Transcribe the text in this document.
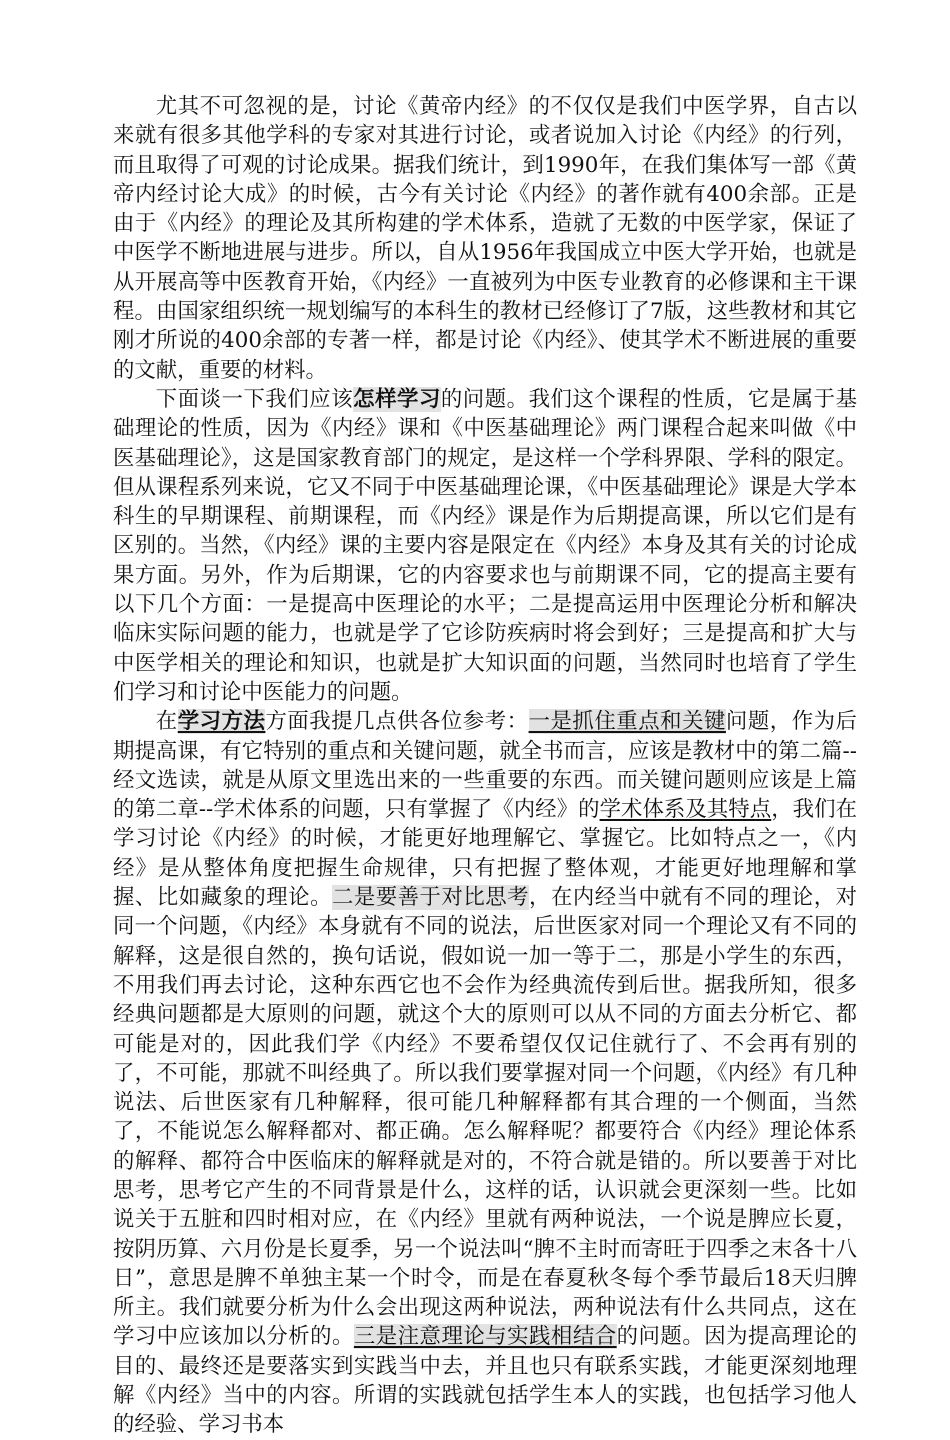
尤其不可忽视的是，讨论《黄帝内经》的不仅仅是我们中医学界，自古以来就有很多其他学科的专家对其进行讨论，或者说加入讨论《内经》的行列，而且取得了可观的讨论成果。据我们统计，到1990年，在我们集体写一部《黄帝内经讨论大成》的时候，古今有关讨论《内经》的著作就有400余部。正是由于《内经》的理论及其所构建的学术体系，造就了无数的中医学家，保证了中医学不断地进展与进步。所以，自从1956年我国成立中医大学开始，也就是从开展高等中医教育开始，《内经》一直被列为中医专业教育的必修课和主干课程。由国家组织统一规划编写的本科生的教材已经修订了7版，这些教材和其它刚才所说的400余部的专著一样，都是讨论《内经》、使其学术不断进展的重要的文献，重要的材料。

下面谈一下我们应该怎样学习的问题。我们这个课程的性质，它是属于基础理论的性质，因为《内经》课和《中医基础理论》两门课程合起来叫做《中医基础理论》，这是国家教育部门的规定，是这样一个学科界限、学科的限定。但从课程系列来说，它又不同于中医基础理论课，《中医基础理论》课是大学本科生的早期课程、前期课程，而《内经》课是作为后期提高课，所以它们是有区别的。当然，《内经》课的主要内容是限定在《内经》本身及其有关的讨论成果方面。另外，作为后期课，它的内容要求也与前期课不同，它的提高主要有以下几个方面：一是提高中医理论的水平；二是提高运用中医理论分析和解决临床实际问题的能力，也就是学了它诊防疾病时将会到好；三是提高和扩大与中医学相关的理论和知识，也就是扩大知识面的问题，当然同时也培育了学生们学习和讨论中医能力的问题。

在学习方法方面我提几点供各位参考：一是抓住重点和关键问题，作为后期提高课，有它特别的重点和关键问题，就全书而言，应该是教材中的第二篇--经文选读，就是从原文里选出来的一些重要的东西。而关键问题则应该是上篇的第二章--学术体系的问题，只有掌握了《内经》的学术体系及其特点，我们在学习讨论《内经》的时候，才能更好地理解它、掌握它。比如特点之一，《内经》是从整体角度把握生命规律，只有把握了整体观，才能更好地理解和掌握、比如藏象的理论。二是要善于对比思考，在内经当中就有不同的理论，对同一个问题，《内经》本身就有不同的说法，后世医家对同一个理论又有不同的解释，这是很自然的，换句话说，假如说一加一等于二，那是小学生的东西，不用我们再去讨论，这种东西它也不会作为经典流传到后世。据我所知，很多经典问题都是大原则的问题，就这个大的原则可以从不同的方面去分析它、都可能是对的，因此我们学《内经》不要希望仅仅记住就行了、不会再有别的了，不可能，那就不叫经典了。所以我们要掌握对同一个问题，《内经》有几种说法、后世医家有几种解释，很可能几种解释都有其合理的一个侧面，当然了，不能说怎么解释都对、都正确。怎么解释呢？都要符合《内经》理论体系的解释、都符合中医临床的解释就是对的，不符合就是错的。所以要善于对比思考，思考它产生的不同背景是什么，这样的话，认识就会更深刻一些。比如说关于五脏和四时相对应，在《内经》里就有两种说法，一个说是脾应长夏，按阴历算、六月份是长夏季，另一个说法叫“脾不主时而寄旺于四季之末各十八日”，意思是脾不单独主某一个时令，而是在春夏秋冬每个季节最后18天归脾所主。我们就要分析为什么会出现这两种说法，两种说法有什么共同点，这在学习中应该加以分析的。三是注意理论与实践相结合的问题。因为提高理论的目的、最终还是要落实到实践当中去，并且也只有联系实践，才能更深刻地理解《内经》当中的内容。所谓的实践就包括学生本人的实践，也包括学习他人的经验、学习书本
